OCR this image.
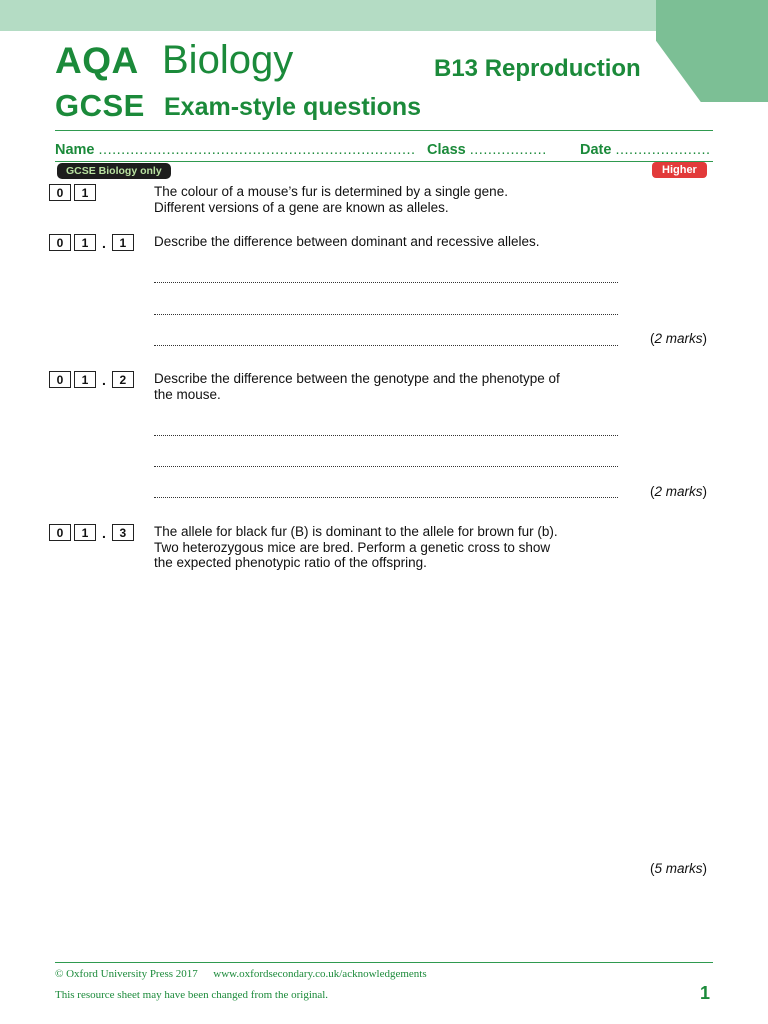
AQA Biology
GCSE Exam-style questions
B13 Reproduction
Name ...................................................................... Class ................. Date .....................
GCSE Biology only	Higher
0	1	The colour of a mouse’s fur is determined by a single gene.
Different versions of a gene are known as alleles.
0	1 .	1	Describe the difference between dominant and recessive alleles.
(2 marks)
0	1 .	2	Describe the difference between the genotype and the phenotype of the mouse.
(2 marks)
0	1 .	3	The allele for black fur (B) is dominant to the allele for brown fur (b). Two heterozygous mice are bred. Perform a genetic cross to show the expected phenotypic ratio of the offspring.
(5 marks)
© Oxford University Press 2017 www.oxfordsecondary.co.uk/acknowledgements
This resource sheet may have been changed from the original.	1
